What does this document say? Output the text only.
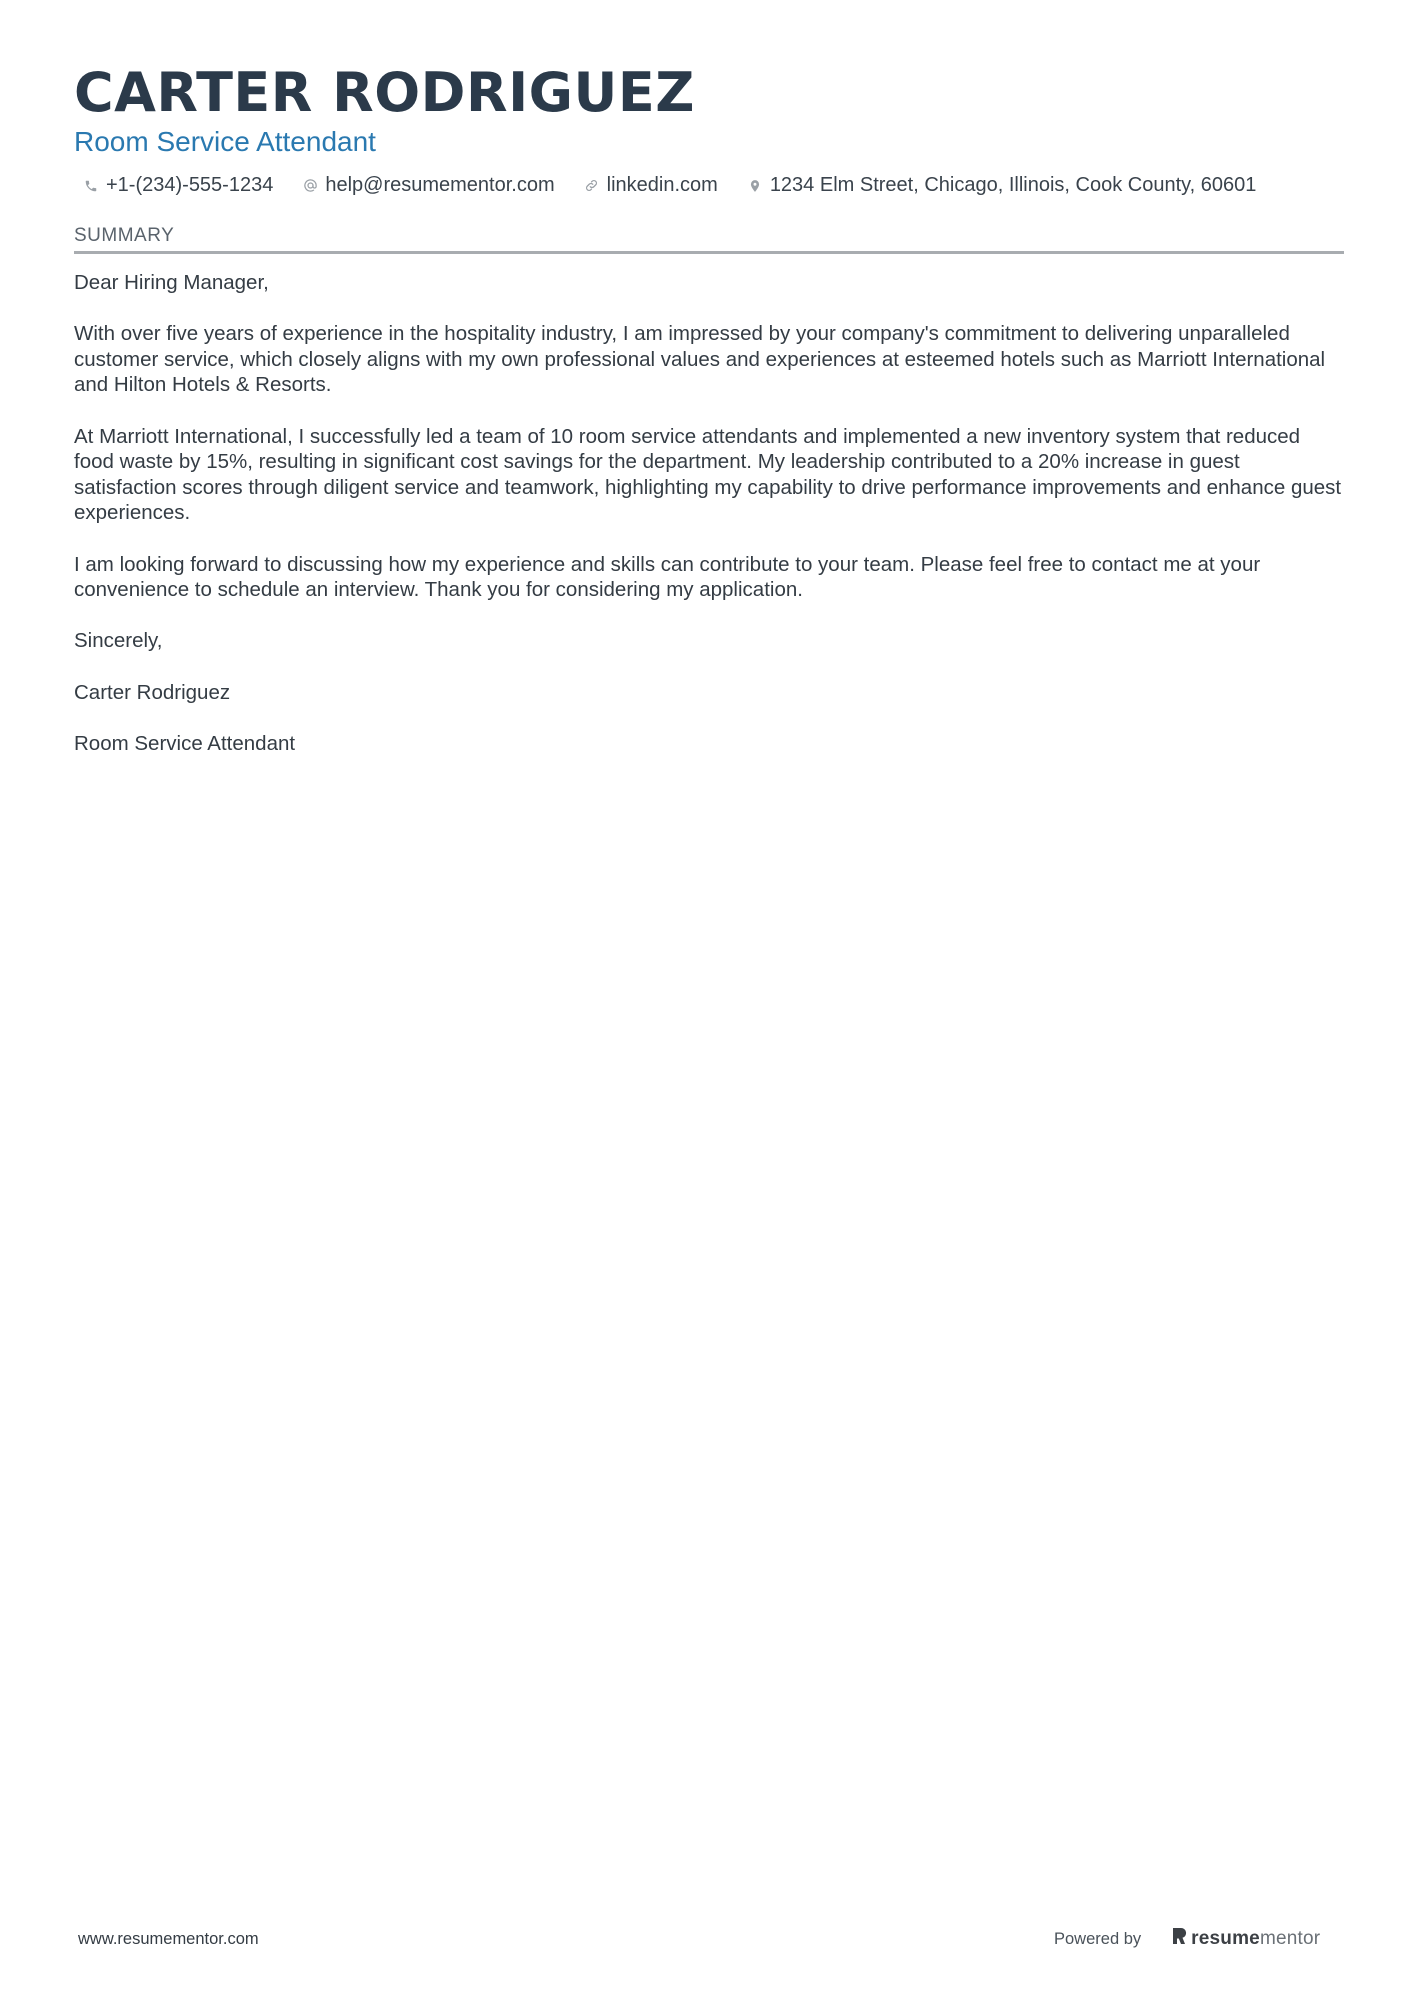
CARTER RODRIGUEZ
Room Service Attendant
+1-(234)-555-1234	help@resumementor.com	linkedin.com	1234 Elm Street, Chicago, Illinois, Cook County, 60601
SUMMARY

Dear Hiring Manager,

With over five years of experience in the hospitality industry, I am impressed by your company's commitment to delivering unparalleled customer service, which closely aligns with my own professional values and experiences at esteemed hotels such as Marriott International and Hilton Hotels & Resorts.

At Marriott International, I successfully led a team of 10 room service attendants and implemented a new inventory system that reduced food waste by 15%, resulting in significant cost savings for the department. My leadership contributed to a 20% increase in guest satisfaction scores through diligent service and teamwork, highlighting my capability to drive performance improvements and enhance guest experiences.

I am looking forward to discussing how my experience and skills can contribute to your team. Please feel free to contact me at your convenience to schedule an interview. Thank you for considering my application.

Sincerely,

Carter Rodriguez

Room Service Attendant

www.resumementor.com	Powered by	resume mentor
